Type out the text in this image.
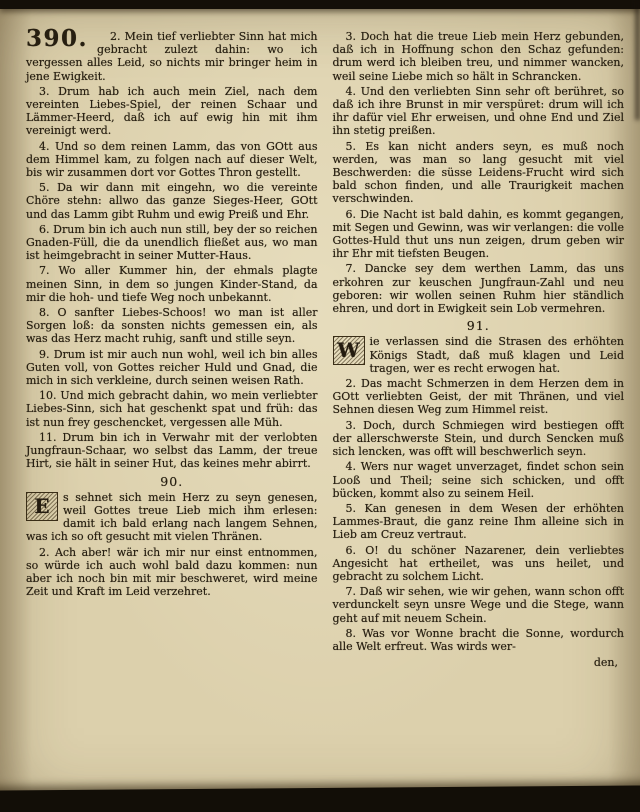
390.	2. Mein tief verliebter Sinn hat mich gebracht zulezt dahin: wo ich vergessen alles Leid, so nichts mir bringer heim in jene Ewigkeit.

3. Drum hab ich auch mein Ziel, nach dem vereinten Liebes-Spiel, der reinen Schaar und Lämmer-Heerd, daß ich auf ewig hin mit ihm vereinigt werd.

4. Und so dem reinen Lamm, das von GOtt aus dem Himmel kam, zu folgen nach auf dieser Welt, bis wir zusammen dort vor Gottes Thron gestellt.

5. Da wir dann mit eingehn, wo die vereinte Chöre stehn: allwo das ganze Sieges-Heer, GOtt und das Lamm gibt Ruhm und ewig Preiß und Ehr.

6. Drum bin ich auch nun still, bey der so reichen Gnaden-Füll, die da unendlich fließet aus, wo man ist heimgebracht in seiner Mutter-Haus.

7. Wo aller Kummer hin, der ehmals plagte meinen Sinn, in dem so jungen Kinder-Stand, da mir die hoh- und tiefe Weg noch unbekannt.

8. O sanfter Liebes-Schoos! wo man ist aller Sorgen loß: da sonsten nichts gemessen ein, als was das Herz macht ruhig, sanft und stille seyn.

9. Drum ist mir auch nun wohl, weil ich bin alles Guten voll, von Gottes reicher Huld und Gnad, die mich in sich verkleine, durch seinen weisen Rath.

10. Und mich gebracht dahin, wo mein verliebter Liebes-Sinn, sich hat geschenkt spat und früh: das ist nun frey geschencket, vergessen alle Müh.

11. Drum bin ich in Verwahr mit der verlobten Jungfraun-Schaar, wo selbst das Lamm, der treue Hirt, sie hält in seiner Hut, das keines mehr abirrt.

90.

E	s sehnet sich mein Herz zu seyn genesen, weil Gottes treue Lieb mich ihm erlesen: damit ich bald erlang nach langem Sehnen, was ich so oft gesucht mit vielen Thränen.

2. Ach aber! wär ich mir nur einst entnommen, so würde ich auch wohl bald dazu kommen: nun aber ich noch bin mit mir beschweret, wird meine Zeit und Kraft im Leid verzehret.

3. Doch hat die treue Lieb mein Herz gebunden, daß ich in Hoffnung schon den Schaz gefunden: drum werd ich bleiben treu, und nimmer wancken, weil seine Liebe mich so hält in Schrancken.

4. Und den verliebten Sinn sehr oft berühret, so daß ich ihre Brunst in mir verspüret: drum will ich ihr dafür viel Ehr erweisen, und ohne End und Ziel ihn stetig preißen.

5. Es kan nicht anders seyn, es muß noch werden, was man so lang gesucht mit viel Beschwerden: die süsse Leidens-Frucht wird sich bald schon finden, und alle Traurigkeit machen verschwinden.

6. Die Nacht ist bald dahin, es kommt gegangen, mit Segen und Gewinn, was wir verlangen: die volle Gottes-Huld thut uns nun zeigen, drum geben wir ihr Ehr mit tiefsten Beugen.

7. Dancke sey dem werthen Lamm, das uns erkohren zur keuschen Jungfraun-Zahl und neu geboren: wir wollen seinen Ruhm hier ständlich ehren, und dort in Ewigkeit sein Lob vermehren.

91.

W ie verlassen sind die Strasen des erhöhten Königs Stadt, daß muß klagen und Leid tragen, wer es recht erwogen hat.

2. Das macht Schmerzen in dem Herzen dem in GOtt verliebten Geist, der mit Thränen, und viel Sehnen diesen Weg zum Himmel reist.

3. Doch, durch Schmiegen wird bestiegen offt der allerschwerste Stein, und durch Sencken muß sich lencken, was offt will beschwerlich seyn.

4. Wers nur waget unverzaget, findet schon sein Looß und Theil; seine sich schicken, und offt bücken, kommt also zu seinem Heil.

5. Kan genesen in dem Wesen der erhöhten Lammes-Braut, die ganz reine Ihm alleine sich in Lieb am Creuz vertraut.

6. O! du schöner Nazarener, dein verliebtes Angesicht hat ertheilet, was uns heilet, und gebracht zu solchem Licht.

7. Daß wir sehen, wie wir gehen, wann schon offt verdunckelt seyn unsre Wege und die Stege, wann geht auf mit neuem Schein.

8. Was vor Wonne bracht die Sonne, wordurch alle Welt erfreut. Was wirds wer-

den,
